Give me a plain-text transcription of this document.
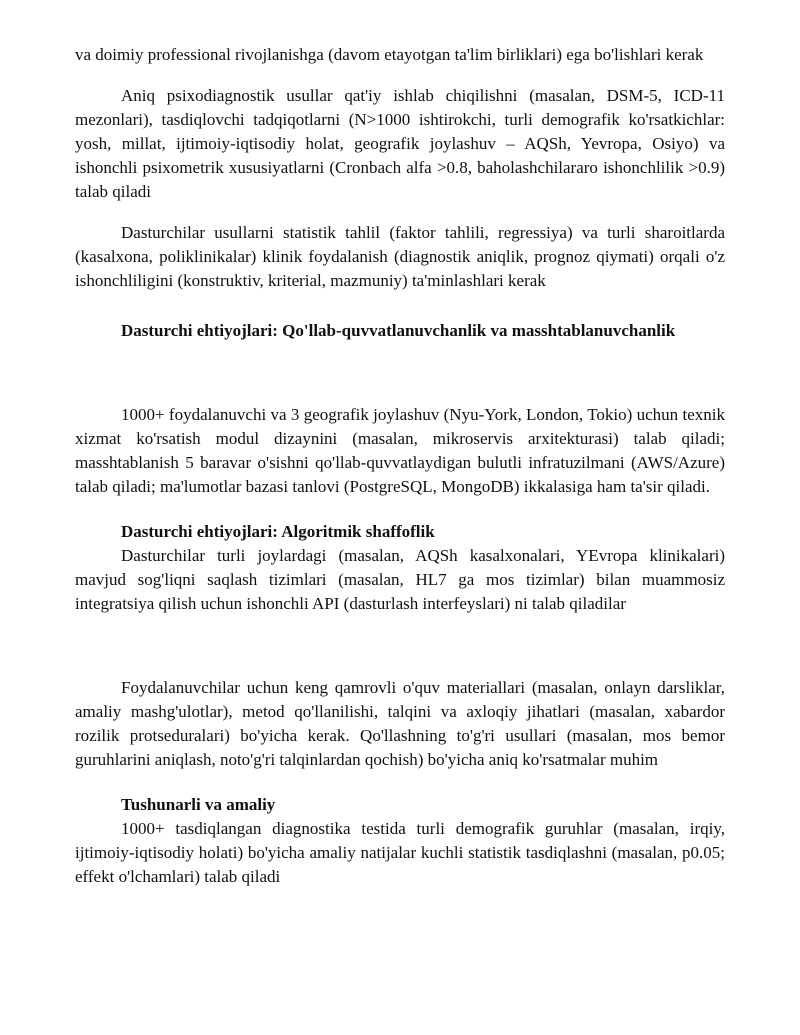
va doimiy professional rivojlanishga (davom etayotgan ta'lim birliklari) ega bo'lishlari kerak

Aniq psixodiagnostik usullar qat'iy ishlab chiqilishni (masalan, DSM-5, ICD-11 mezonlari), tasdiqlovchi tadqiqotlarni (N>1000 ishtirokchi, turli demografik ko'rsatkichlar: yosh, millat, ijtimoiy-iqtisodiy holat, geografik joylashuv – AQSh, Yevropa, Osiyo) va ishonchli psixometrik xususiyatlarni (Cronbach alfa >0.8, baholashchilararo ishonchlilik >0.9) talab qiladi

Dasturchilar usullarni statistik tahlil (faktor tahlili, regressiya) va turli sharoitlarda (kasalxona, poliklinikalar) klinik foydalanish (diagnostik aniqlik, prognoz qiymati) orqali o'z ishonchliligini (konstruktiv, kriterial, mazmuniy) ta'minlashlari kerak

Dasturchi ehtiyojlari: Qo'llab-quvvatlanuvchanlik va masshtablanuvchanlik

1000+ foydalanuvchi va 3 geografik joylashuv (Nyu-York, London, Tokio) uchun texnik xizmat ko'rsatish modul dizaynini (masalan, mikroservis arxitekturasi) talab qiladi; masshtablanish 5 baravar o'sishni qo'llab-quvvatlaydigan bulutli infratuzilmani (AWS/Azure) talab qiladi; ma'lumotlar bazasi tanlovi (PostgreSQL, MongoDB) ikkalasiga ham ta'sir qiladi.

Dasturchi ehtiyojlari: Algoritmik shaffoflik

Dasturchilar turli joylardagi (masalan, AQSh kasalxonalari, YEvropa klinikalari) mavjud sog'liqni saqlash tizimlari (masalan, HL7 ga mos tizimlar) bilan muammosiz integratsiya qilish uchun ishonchli API (dasturlash interfeyslari) ni talab qiladilar

Foydalanuvchilar uchun keng qamrovli o'quv materiallari (masalan, onlayn darsliklar, amaliy mashg'ulotlar), metod qo'llanilishi, talqini va axloqiy jihatlari (masalan, xabardor rozilik protseduralari) bo'yicha kerak. Qo'llashning to'g'ri usullari (masalan, mos bemor guruhlarini aniqlash, noto'g'ri talqinlardan qochish) bo'yicha aniq ko'rsatmalar muhim

Tushunarli va amaliy

1000+ tasdiqlangan diagnostika testida turli demografik guruhlar (masalan, irqiy, ijtimoiy-iqtisodiy holati) bo'yicha amaliy natijalar kuchli statistik tasdiqlashni (masalan, p0.05; effekt o'lchamlari) talab qiladi
